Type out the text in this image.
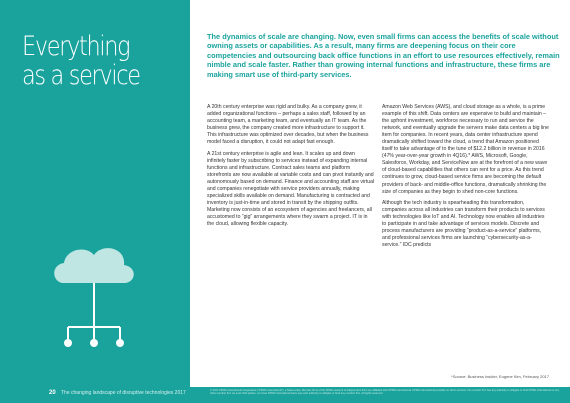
Everything
as a service
The dynamics of scale are changing. Now, even small firms can access the benefits of scale without owning assets or capabilities. As a result, many firms are deepening focus on their core competencies and outsourcing back office functions in an effort to use resources effectively, remain nimble and scale faster. Rather than growing internal functions and infrastructure, these firms are making smart use of third-party services.

A 20th century enterprise was rigid and bulky. As a company grew, it added organizational functions – perhaps a sales staff, followed by an accounting team, a marketing team, and eventually an IT team. As the business grew, the company created more infrastructure to support it. This infrastructure was optimized over decades, but when the business model faced a disruption, it could not adapt fast enough.

A 21st century enterprise is agile and lean. It scales up and down infinitely faster by subscribing to services instead of expanding internal functions and infrastructure. Contract sales teams and platform storefronts are now available at variable costs and can pivot instantly and autonomously based on demand. Finance and accounting staff are virtual and companies renegotiate with service providers annually, making specialized skills available on demand. Manufacturing is contracted and inventory is just-in-time and stored in transit by the shipping outfits. Marketing now consists of an ecosystem of agencies and freelancers, all accustomed to “gig” arrangements where they swarm a project. IT is in the cloud, allowing flexible capacity.

Amazon Web Services (AWS), and cloud storage as a whole, is a prime example of this shift. Data centers are expensive to build and maintain – the upfront investment, workforce necessary to run and service the network, and eventually upgrade the servers make data centers a big line item for companies. In recent years, data center infrastructure spend dramatically shifted toward the cloud, a trend that Amazon positioned itself to take advantage of to the tune of $12.2 billion in revenue in 2016 (47% year-over-year growth in 4Q16).* AWS, Microsoft, Google, Salesforce, Workday, and ServiceNow are at the forefront of a new wave of cloud-based capabilities that others can rent for a price. As this trend continues to grow, cloud-based service firms are becoming the default providers of back- and middle-office functions, dramatically shrinking the size of companies as they begin to shed non-core functions.

Although the tech industry is spearheading this transformation, companies across all industries can transform their products to services with technologies like IoT and AI. Technology now enables all industries to participate in and take advantage of services models. Discrete and process manufacturers are providing “product-as-a-service” platforms, and professional services firms are launching “cybersecurity-as-a-service.” IDC predicts

*Source: Business Insider, Eugene Kim, February 2017
20 The changing landscape of disruptive technologies 2017	© 2017 KPMG International Cooperative ("KPMG International"), a Swiss entity. Member firms of the KPMG network of independent firms are affiliated with KPMG International. KPMG International provides no client services. No member firm has any authority to obligate or bind KPMG International or any other member firm vis-à-vis third parties, nor does KPMG International have any such authority to obligate or bind any member firm. All rights reserved.
